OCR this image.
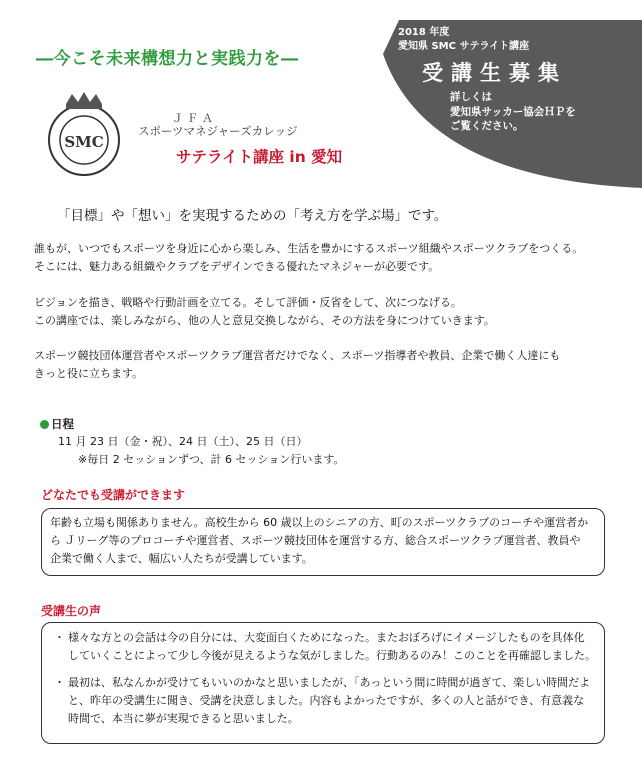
―今こそ未来構想力と実践力を―
SMC
ＪＦＡ
スポーツマネジャーズカレッジ
サテライト講座 in 愛知
2018 年度
愛知県 SMC サテライト講座
受講生募集
詳しくは
愛知県サッカー協会ＨＰを
ご覧ください。
「目標」や「想い」を実現するための「考え方を学ぶ場」です。
誰もが、いつでもスポーツを身近に心から楽しみ、生活を豊かにするスポーツ組織やスポーツクラブをつくる。
そこには、魅力ある組織やクラブをデザインできる優れたマネジャーが必要です。
ビジョンを描き、戦略や行動計画を立てる。そして評価・反省をして、次につなげる。
この講座では、楽しみながら、他の人と意見交換しながら、その方法を身につけていきます。
スポーツ競技団体運営者やスポーツクラブ運営者だけでなく、スポーツ指導者や教員、企業で働く人達にも
きっと役に立ちます。
日程
11 月 23 日（金・祝）、24 日（土）、25 日（日）
※毎日 2 セッションずつ、計 6 セッション行います。
どなたでも受講ができます
年齢も立場も関係ありません。高校生から 60 歳以上のシニアの方、町のスポーツクラブのコーチや運営者か
ら Ｊリーグ等のプロコーチや運営者、スポーツ競技団体を運営する方、総合スポーツクラブ運営者、教員や
企業で働く人まで、幅広い人たちが受講しています。
受講生の声
・ 様々な方との会話は今の自分には、大変面白くためになった。またおぼろげにイメージしたものを具体化
していくことによって少し今後が見えるような気がしました。行動あるのみ！このことを再確認しました。
・ 最初は、私なんかが受けてもいいのかなと思いましたが、「あっという間に時間が過ぎて、楽しい時間だよ
と、昨年の受講生に聞き、受講を決意しました。内容もよかったですが、多くの人と話ができ、有意義な
時間で、本当に夢が実現できると思いました。
